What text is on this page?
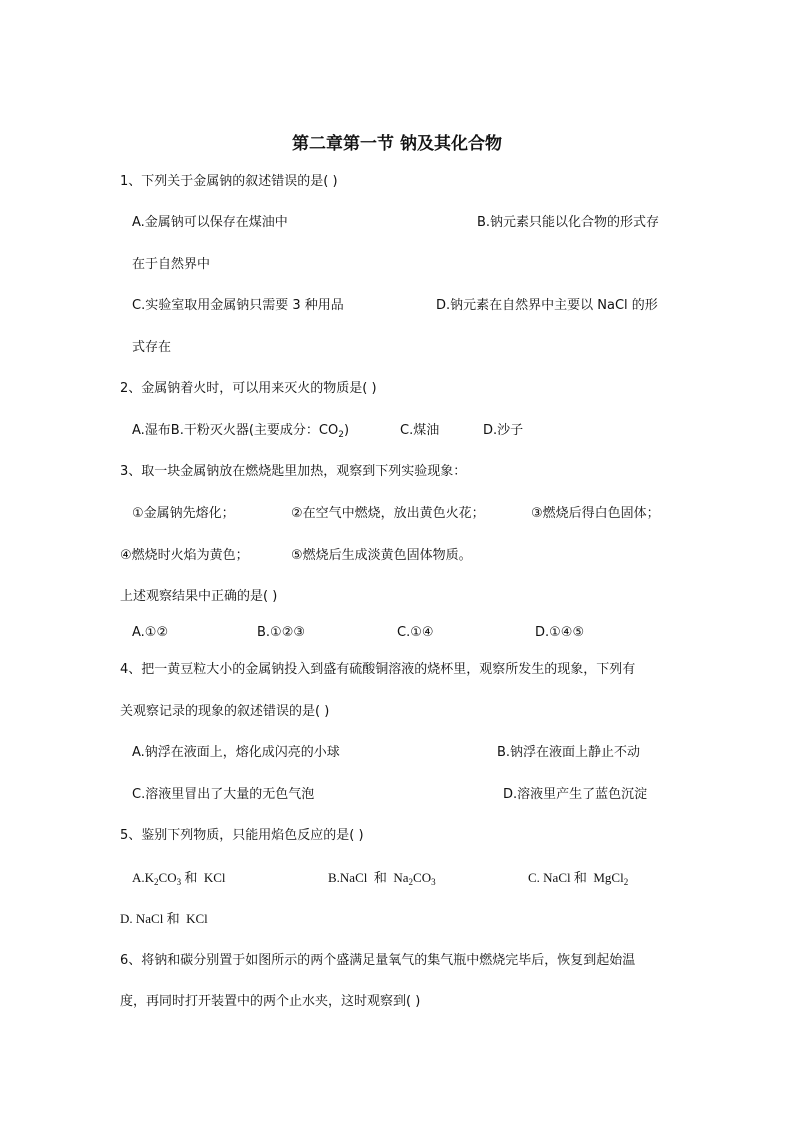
第二章第一节 钠及其化合物
1、下列关于金属钠的叙述错误的是( )
A.金属钠可以保存在煤油中	B.钠元素只能以化合物的形式存
在于自然界中
C.实验室取用金属钠只需要 3 种用品	D.钠元素在自然界中主要以 NaCl 的形
式存在
2、金属钠着火时，可以用来灭火的物质是( )
A.湿布B.干粉灭火器(主要成分：$CO_2$)	C.煤油	D.沙子
3、取一块金属钠放在燃烧匙里加热，观察到下列实验现象：
①金属钠先熔化；	②在空气中燃烧，放出黄色火花；	③燃烧后得白色固体；
④燃烧时火焰为黄色；	⑤燃烧后生成淡黄色固体物质。
上述观察结果中正确的是( )
A.①②	B.①②③	C.①④	D.①④⑤
4、把一黄豆粒大小的金属钠投入到盛有硫酸铜溶液的烧杯里，观察所发生的现象，下列有
关观察记录的现象的叙述错误的是( )
A.钠浮在液面上，熔化成闪亮的小球	B.钠浮在液面上静止不动
C.溶液里冒出了大量的无色气泡	D.溶液里产生了蓝色沉淀
5、鉴别下列物质，只能用焰色反应的是( )
$A.K_2CO_3$ 和  KCl	B.NaCl  和  $Na_2CO_3$	C. NaCl 和  MgCl$_2$
D. NaCl 和  KCl
6、将钠和碳分别置于如图所示的两个盛满足量氧气的集气瓶中燃烧完毕后，恢复到起始温
度，再同时打开装置中的两个止水夹，这时观察到( )
